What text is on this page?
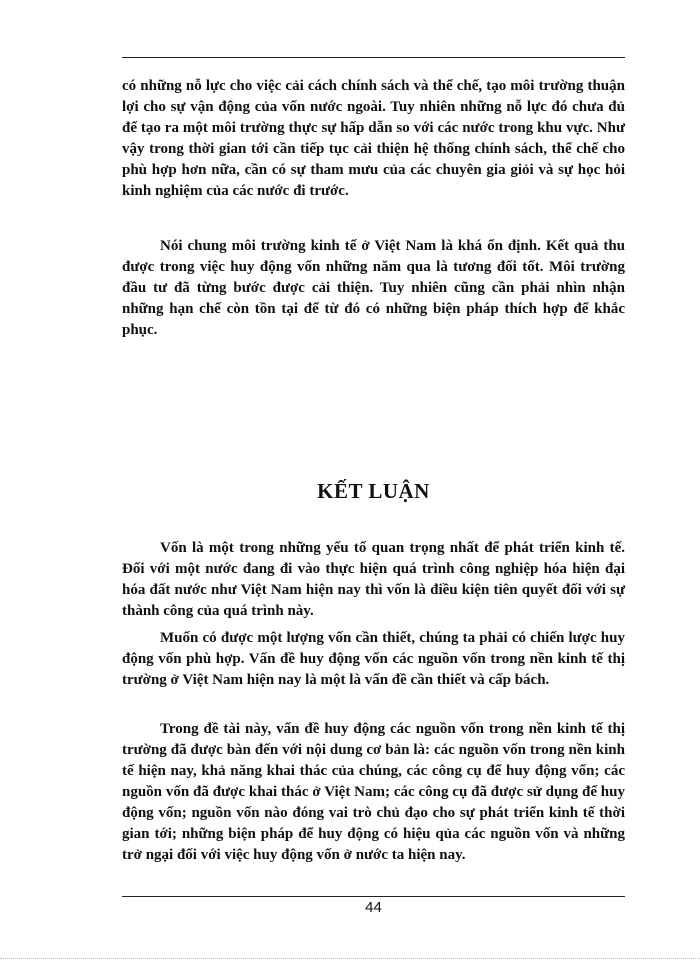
có những nỗ lực cho việc cải cách chính sách và thể chế, tạo môi trường thuận lợi cho sự vận động của vốn nước ngoài. Tuy nhiên những nỗ lực đó chưa đủ để tạo ra một môi trường thực sự hấp dẫn so với các nước trong khu vực. Như vậy trong thời gian tới cần tiếp tục cải thiện hệ thống chính sách, thể chế cho phù hợp hơn nữa, cần có sự tham mưu của các chuyên gia giỏi và sự học hỏi kinh nghiệm của các nước đi trước.

Nói chung môi trường kinh tế ở Việt Nam là khá ổn định. Kết quả thu được trong việc huy động vốn những năm qua là tương đối tốt. Môi trường đầu tư đã từng bước được cải thiện. Tuy nhiên cũng cần phải nhìn nhận những hạn chế còn tồn tại để từ đó có những biện pháp thích hợp để khắc phục.

KẾT LUẬN

Vốn là một trong những yếu tố quan trọng nhất để phát triển kinh tế. Đối với một nước đang đi vào thực hiện quá trình công nghiệp hóa hiện đại hóa đất nước như Việt Nam hiện nay thì vốn là điều kiện tiên quyết đối với sự thành công của quá trình này.

Muốn có được một lượng vốn cần thiết, chúng ta phải có chiến lược huy động vốn phù hợp. Vấn đề huy động vốn các nguồn vốn trong nền kinh tế thị trường ở Việt Nam hiện nay là một là vấn đề cần thiết và cấp bách.

Trong đề tài này, vấn đề huy động các nguồn vốn trong nền kinh tế thị trường đã được bàn đến với nội dung cơ bản là: các nguồn vốn trong nền kinh tế hiện nay, khả năng khai thác của chúng, các công cụ để huy động vốn; các nguồn vốn đã được khai thác ở Việt Nam; các công cụ đã được sử dụng để huy động vốn; nguồn vốn nào đóng vai trò chủ đạo cho sự phát triển kinh tế thời gian tới; những biện pháp để huy động có hiệu qủa các nguồn vốn và những trở ngại đối với việc huy động vốn ở nước ta hiện nay.

44
